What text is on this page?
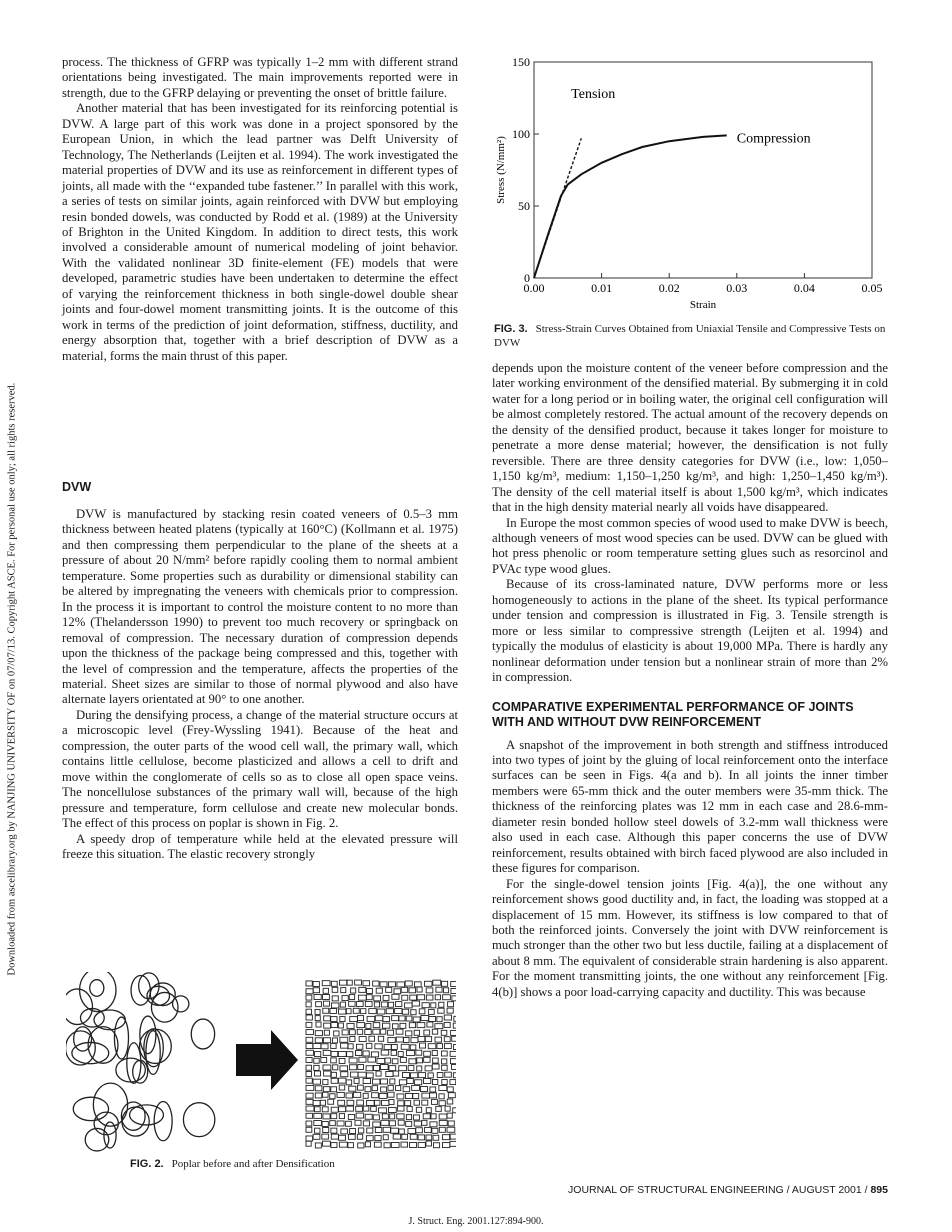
Downloaded from ascelibrary.org by NANJING UNIVERSITY OF on 07/07/13. Copyright ASCE. For personal use only; all rights reserved.

process. The thickness of GFRP was typically 1–2 mm with different strand orientations being investigated. The main improvements reported were in strength, due to the GFRP delaying or preventing the onset of brittle failure.

Another material that has been investigated for its reinforcing potential is DVW. A large part of this work was done in a project sponsored by the European Union, in which the lead partner was Delft University of Technology, The Netherlands (Leijten et al. 1994). The work investigated the material properties of DVW and its use as reinforcement in different types of joints, all made with the ‘‘expanded tube fastener.’’ In parallel with this work, a series of tests on similar joints, again reinforced with DVW but employing resin bonded dowels, was conducted by Rodd et al. (1989) at the University of Brighton in the United Kingdom. In addition to direct tests, this work involved a considerable amount of numerical modeling of joint behavior. With the validated nonlinear 3D finite-element (FE) models that were developed, parametric studies have been undertaken to determine the effect of varying the reinforcement thickness in both single-dowel double shear joints and four-dowel moment transmitting joints. It is the outcome of this work in terms of the prediction of joint deformation, stiffness, ductility, and energy absorption that, together with a brief description of DVW as a material, forms the main thrust of this paper.

DVW

DVW is manufactured by stacking resin coated veneers of 0.5–3 mm thickness between heated platens (typically at 160°C) (Kollmann et al. 1975) and then compressing them perpendicular to the plane of the sheets at a pressure of about 20 N/mm² before rapidly cooling them to normal ambient temperature. Some properties such as durability or dimensional stability can be altered by impregnating the veneers with chemicals prior to compression. In the process it is important to control the moisture content to no more than 12% (Thelandersson 1990) to prevent too much recovery or springback on removal of compression. The necessary duration of compression depends upon the thickness of the package being compressed and this, together with the level of compression and the temperature, affects the properties of the material. Sheet sizes are similar to those of normal plywood and also have alternate layers orientated at 90° to one another.

During the densifying process, a change of the material structure occurs at a microscopic level (Frey-Wyssling 1941). Because of the heat and compression, the outer parts of the wood cell wall, the primary wall, which contains little cellulose, become plasticized and allows a cell to drift and move within the conglomerate of cells so as to close all open space veins. The noncellulose substances of the primary wall will, because of the high pressure and temperature, form cellulose and create new molecular bonds. The effect of this process on poplar is shown in Fig. 2.

A speedy drop of temperature while held at the elevated pressure will freeze this situation. The elastic recovery strongly

FIG. 2. Poplar before and after Densification
0.00	0.01	0.02	0.03	0.04	0.05
0
50
100
150
Strain
Stress (N/mm²)
Tension
Compression
FIG. 3. Stress-Strain Curves Obtained from Uniaxial Tensile and Compressive Tests on DVW

depends upon the moisture content of the veneer before compression and the later working environment of the densified material. By submerging it in cold water for a long period or in boiling water, the original cell configuration will be almost completely restored. The actual amount of the recovery depends on the density of the densified product, because it takes longer for moisture to penetrate a more dense material; however, the densification is not fully reversible. There are three density categories for DVW (i.e., low: 1,050–1,150 kg/m³, medium: 1,150–1,250 kg/m³, and high: 1,250–1,450 kg/m³). The density of the cell material itself is about 1,500 kg/m³, which indicates that in the high density material nearly all voids have disappeared.

In Europe the most common species of wood used to make DVW is beech, although veneers of most wood species can be used. DVW can be glued with hot press phenolic or room temperature setting glues such as resorcinol and PVAc type wood glues.

Because of its cross-laminated nature, DVW performs more or less homogeneously to actions in the plane of the sheet. Its typical performance under tension and compression is illustrated in Fig. 3. Tensile strength is more or less similar to compressive strength (Leijten et al. 1994) and typically the modulus of elasticity is about 19,000 MPa. There is hardly any nonlinear deformation under tension but a nonlinear strain of more than 2% in compression.

COMPARATIVE EXPERIMENTAL PERFORMANCE OF JOINTS WITH AND WITHOUT DVW REINFORCEMENT

A snapshot of the improvement in both strength and stiffness introduced into two types of joint by the gluing of local reinforcement onto the interface surfaces can be seen in Figs. 4(a and b). In all joints the inner timber members were 65-mm thick and the outer members were 35-mm thick. The thickness of the reinforcing plates was 12 mm in each case and 28.6-mm-diameter resin bonded hollow steel dowels of 3.2-mm wall thickness were also used in each case. Although this paper concerns the use of DVW reinforcement, results obtained with birch faced plywood are also included in these figures for comparison.

For the single-dowel tension joints [Fig. 4(a)], the one without any reinforcement shows good ductility and, in fact, the loading was stopped at a displacement of 15 mm. However, its stiffness is low compared to that of both the reinforced joints. Conversely the joint with DVW reinforcement is much stronger than the other two but less ductile, failing at a displacement of about 8 mm. The equivalent of considerable strain hardening is also apparent. For the moment transmitting joints, the one without any reinforcement [Fig. 4(b)] shows a poor load-carrying capacity and ductility. This was because

JOURNAL OF STRUCTURAL ENGINEERING / AUGUST 2001 / 895
J. Struct. Eng. 2001.127:894-900.
